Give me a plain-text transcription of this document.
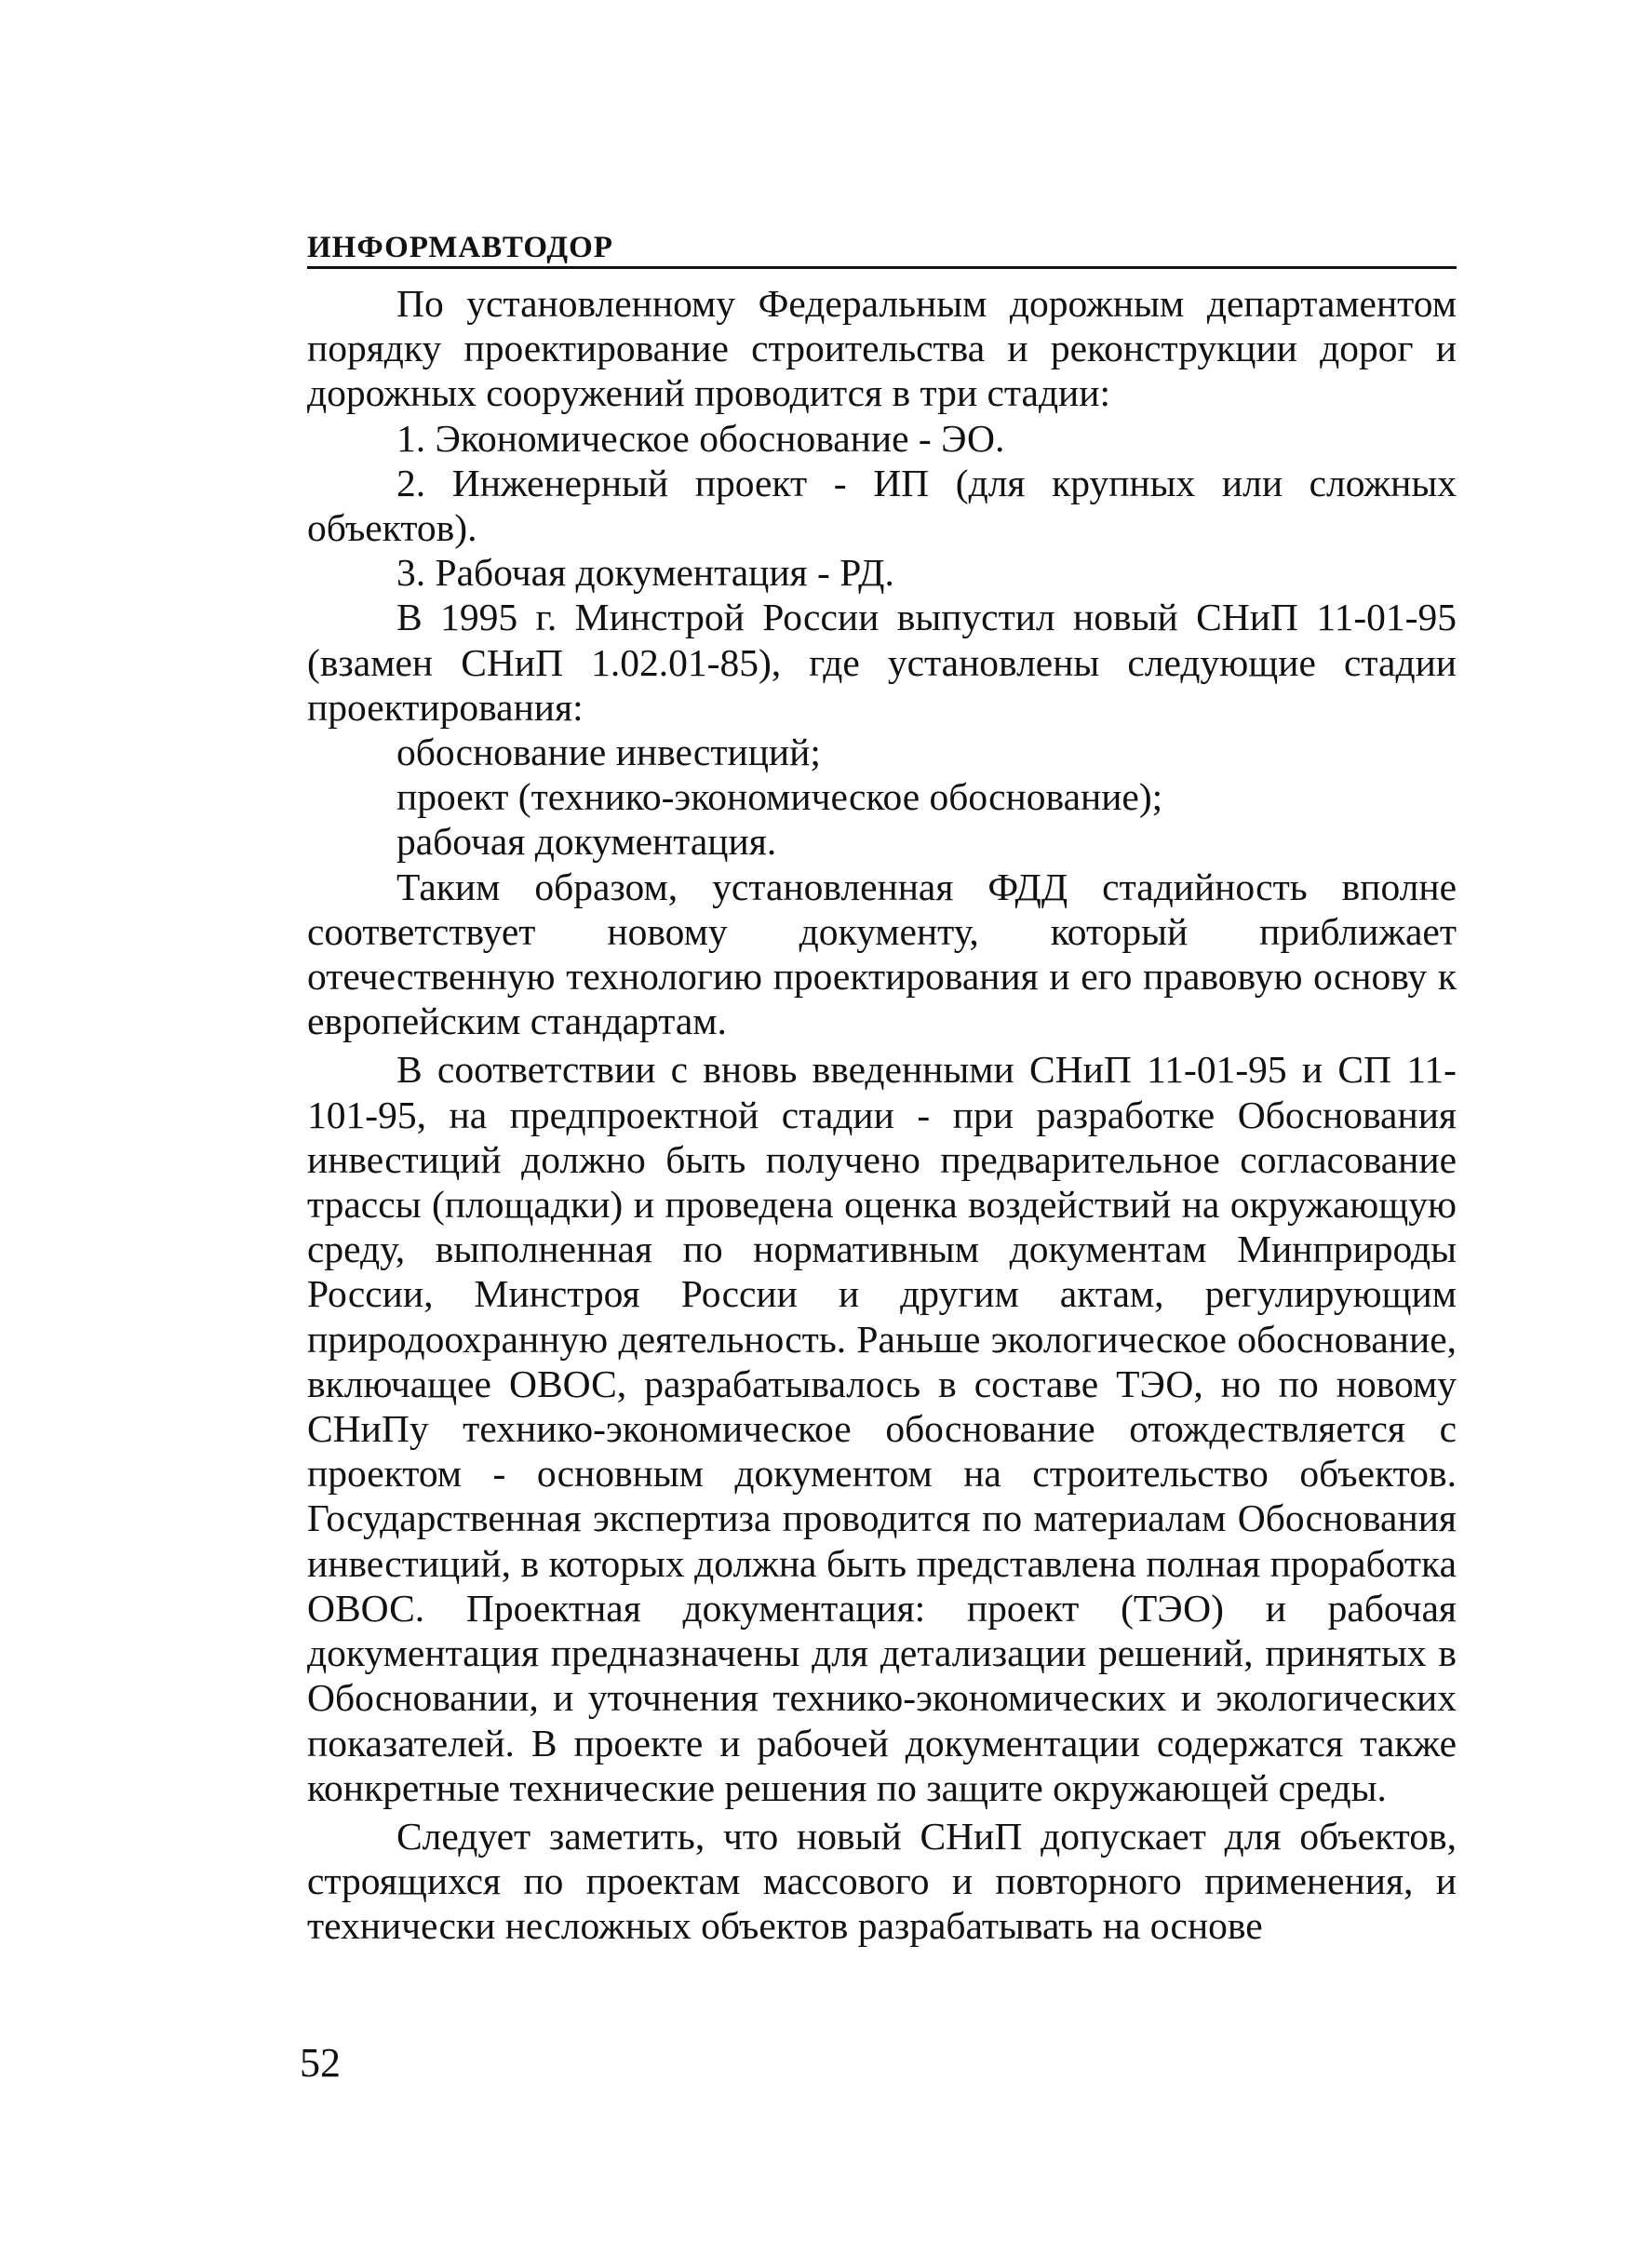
ИНФОРМАВТОДОР

По установленному Федеральным дорожным департаментом порядку проектирование строительства и реконструкции дорог и дорожных сооружений проводится в три стадии:

1. Экономическое обоснование - ЭО.

2. Инженерный проект - ИП (для крупных или сложных объектов).

3. Рабочая документация - РД.

В 1995 г. Минстрой России выпустил новый СНиП 11-01-95 (взамен СНиП 1.02.01-85), где установлены следующие стадии проектирования:

обоснование инвестиций;

проект (технико-экономическое обоснование);

рабочая документация.

Таким образом, установленная ФДД стадийность вполне соответствует новому документу, который приближает отечественную технологию проектирования и его правовую основу к европейским стандартам.

В соответствии с вновь введенными СНиП 11-01-95 и СП 11-101-95, на предпроектной стадии - при разработке Обоснования инвестиций должно быть получено предварительное согласование трассы (площадки) и проведена оценка воздействий на окружающую среду, выполненная по нормативным документам Минприроды России, Минстроя России и другим актам, регулирующим природоохранную деятельность. Раньше экологическое обоснование, включащее ОВОС, разрабатывалось в составе ТЭО, но по новому СНиПу технико-экономическое обоснование отождествляется с проектом - основным документом на строительство объектов. Государственная экспертиза проводится по материалам Обоснования инвестиций, в которых должна быть представлена полная проработка ОВОС. Проектная документация: проект (ТЭО) и рабочая документация предназначены для детализации решений, принятых в Обосновании, и уточнения технико-экономических и экологических показателей. В проекте и рабочей документации содержатся также конкретные технические решения по защите окружающей среды.

Следует заметить, что новый СНиП допускает для объектов, строящихся по проектам массового и повторного применения, и технически несложных объектов разрабатывать на основе

52
